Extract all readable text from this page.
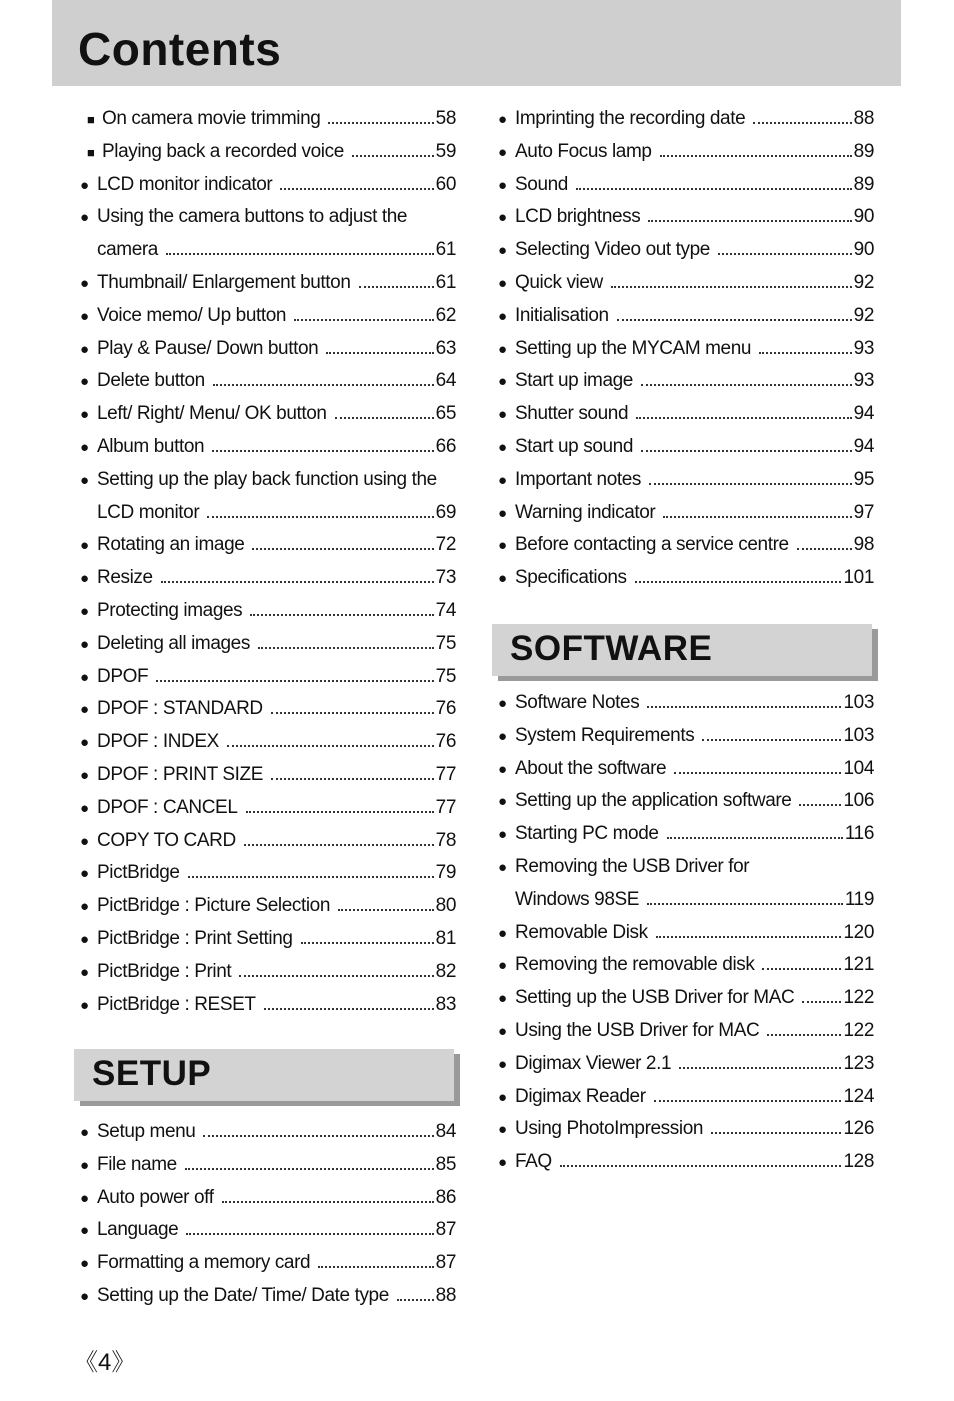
Contents
■ On camera movie trimming	58
■ Playing back a recorded voice	59
● LCD monitor indicator	60
● Using the camera buttons to adjust the
camera	61
● Thumbnail/ Enlargement button	61
● Voice memo/ Up button	62
● Play & Pause/ Down button	63
● Delete button	64
● Left/ Right/ Menu/ OK button	65
● Album button	66
● Setting up the play back function using the
LCD monitor	69
● Rotating an image	72
● Resize	73
● Protecting images	74
● Deleting all images	75
● DPOF	75
● DPOF : STANDARD	76
● DPOF : INDEX	76
● DPOF : PRINT SIZE	77
● DPOF : CANCEL	77
● COPY TO CARD	78
● PictBridge	79
● PictBridge : Picture Selection	80
● PictBridge : Print Setting	81
● PictBridge : Print	82
● PictBridge : RESET	83
SETUP
● Setup menu	84
● File name	85
● Auto power off	86
● Language	87
● Formatting a memory card	87
● Setting up the Date/ Time/ Date type	88
● Imprinting the recording date	88
● Auto Focus lamp	89
● Sound	89
● LCD brightness	90
● Selecting Video out type	90
● Quick view	92
● Initialisation	92
● Setting up the MYCAM menu	93
● Start up image	93
● Shutter sound	94
● Start up sound	94
● Important notes	95
● Warning indicator	97
● Before contacting a service centre	98
● Specifications	101
SOFTWARE
● Software Notes	103
● System Requirements	103
● About the software	104
● Setting up the application software	106
● Starting PC mode	116
● Removing the USB Driver for
Windows 98SE	119
● Removable Disk	120
● Removing the removable disk	121
● Setting up the USB Driver for MAC	122
● Using the USB Driver for MAC	122
● Digimax Viewer 2.1	123
● Digimax Reader	124
● Using PhotoImpression	126
● FAQ	128
《4》
